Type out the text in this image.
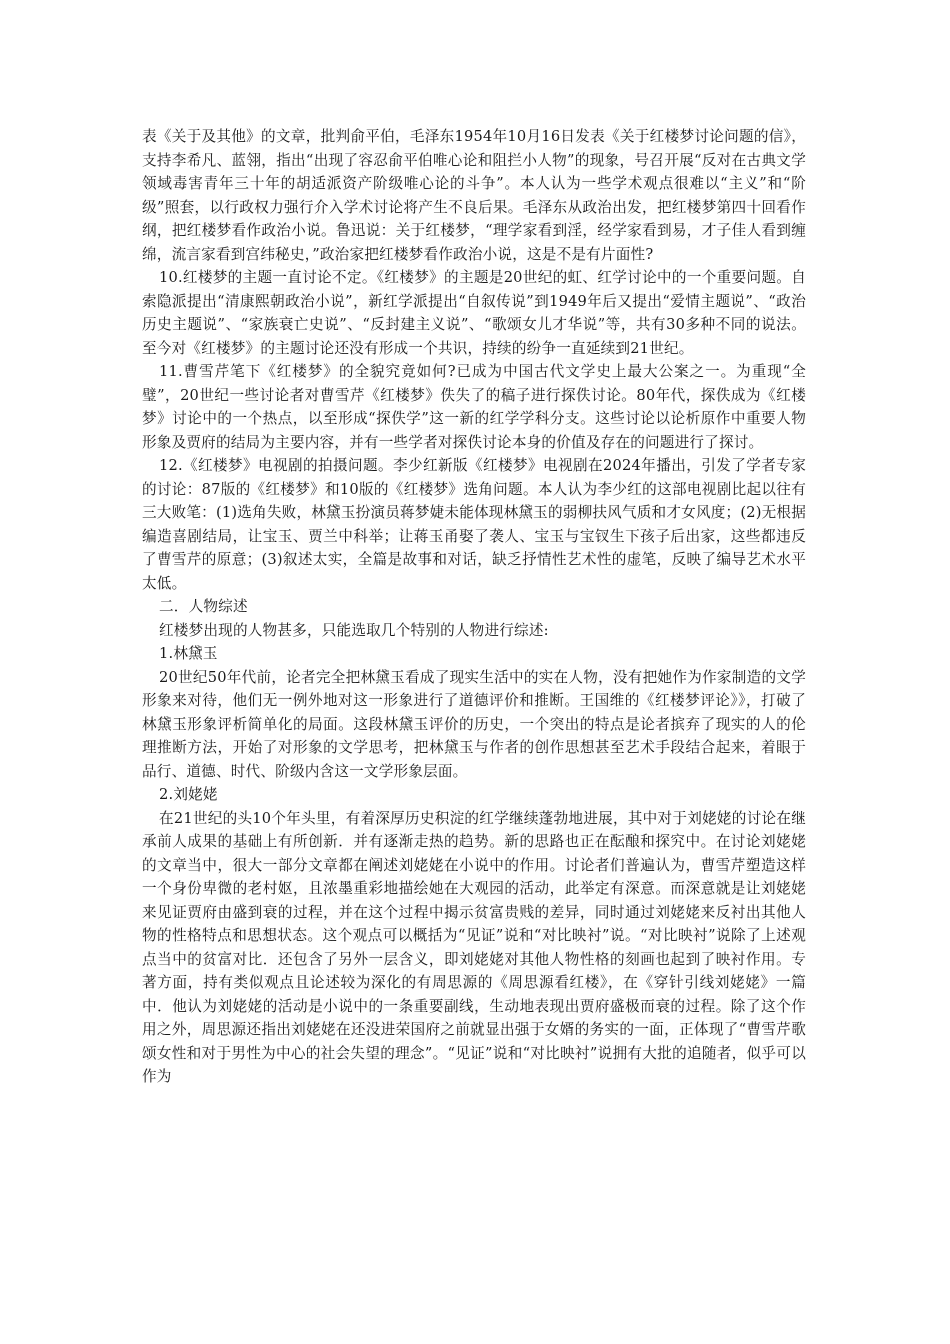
表《关于及其他》的文章，批判俞平伯，毛泽东1954年10月16日发表《关于红楼梦讨论问题的信》，支持李希凡、蓝翎，指出“出现了容忍俞平伯唯心论和阻拦小人物”的现象，号召开展“反对在古典文学领域毒害青年三十年的胡适派资产阶级唯心论的斗争”。本人认为一些学术观点很难以“主义”和“阶级”照套，以行政权力强行介入学术讨论将产生不良后果。毛泽东从政治出发，把红楼梦第四十回看作纲，把红楼梦看作政治小说。鲁迅说：关于红楼梦，“理学家看到淫，经学家看到易，才子佳人看到缠绵，流言家看到宫纬秘史，”政治家把红楼梦看作政治小说，这是不是有片面性?

10.红楼梦的主题一直讨论不定。《红楼梦》的主题是20世纪的虹、红学讨论中的一个重要问题。自索隐派提出“清康熙朝政治小说”，新红学派提出“自叙传说”到1949年后又提出“爱情主题说”、“政治历史主题说”、“家族衰亡史说”、“反封建主义说”、“歌颂女儿才华说”等，共有30多种不同的说法。至今对《红楼梦》的主题讨论还没有形成一个共识，持续的纷争一直延续到21世纪。

11.曹雪芹笔下《红楼梦》的全貌究竟如何?已成为中国古代文学史上最大公案之一。为重现“全璧”，20世纪一些讨论者对曹雪芹《红楼梦》佚失了的稿子进行探佚讨论。80年代，探佚成为《红楼梦》讨论中的一个热点，以至形成“探佚学”这一新的红学学科分支。这些讨论以论析原作中重要人物形象及贾府的结局为主要内容，并有一些学者对探佚讨论本身的价值及存在的问题进行了探讨。

12.《红楼梦》电视剧的拍摄问题。李少红新版《红楼梦》电视剧在2024年播出，引发了学者专家的讨论：87版的《红楼梦》和10版的《红楼梦》选角问题。本人认为李少红的这部电视剧比起以往有三大败笔：(1)选角失败，林黛玉扮演员蒋梦婕未能体现林黛玉的弱柳扶风气质和才女风度；(2)无根据编造喜剧结局，让宝玉、贾兰中科举；让蒋玉甬娶了袭人、宝玉与宝钗生下孩子后出家，这些都违反了曹雪芹的原意；(3)叙述太实，全篇是故事和对话，缺乏抒情性艺术性的虚笔，反映了编导艺术水平太低。

二．人物综述

红楼梦出现的人物甚多，只能选取几个特别的人物进行综述:

1.林黛玉

20世纪50年代前，论者完全把林黛玉看成了现实生活中的实在人物，没有把她作为作家制造的文学形象来对待，他们无一例外地对这一形象进行了道德评价和推断。王国维的《红楼梦评论》》，打破了林黛玉形象评析简单化的局面。这段林黛玉评价的历史，一个突出的特点是论者摈弃了现实的人的伦理推断方法，开始了对形象的文学思考，把林黛玉与作者的创作思想甚至艺术手段结合起来，着眼于品行、道德、时代、阶级内含这一文学形象层面。

2.刘姥姥

在21世纪的头10个年头里，有着深厚历史积淀的红学继续蓬勃地进展，其中对于刘姥姥的讨论在继承前人成果的基础上有所创新．并有逐渐走热的趋势。新的思路也正在酝酿和探究中。在讨论刘姥姥的文章当中，很大一部分文章都在阐述刘姥姥在小说中的作用。讨论者们普遍认为，曹雪芹塑造这样一个身份卑微的老村妪，且浓墨重彩地描绘她在大观园的活动，此举定有深意。而深意就是让刘姥姥来见证贾府由盛到衰的过程，并在这个过程中揭示贫富贵贱的差异，同时通过刘姥姥来反衬出其他人物的性格特点和思想状态。这个观点可以概括为“见证”说和“对比映衬”说。“对比映衬”说除了上述观点当中的贫富对比．还包含了另外一层含义，即刘姥姥对其他人物性格的刻画也起到了映衬作用。专著方面，持有类似观点且论述较为深化的有周思源的《周思源看红楼》，在《穿针引线刘姥姥》一篇中．他认为刘姥姥的活动是小说中的一条重要副线，生动地表现出贾府盛极而衰的过程。除了这个作用之外，周思源还指出刘姥姥在还没进荣国府之前就显出强于女婿的务实的一面，正体现了“曹雪芹歌颂女性和对于男性为中心的社会失望的理念”。“见证”说和“对比映衬”说拥有大批的追随者，似乎可以作为
